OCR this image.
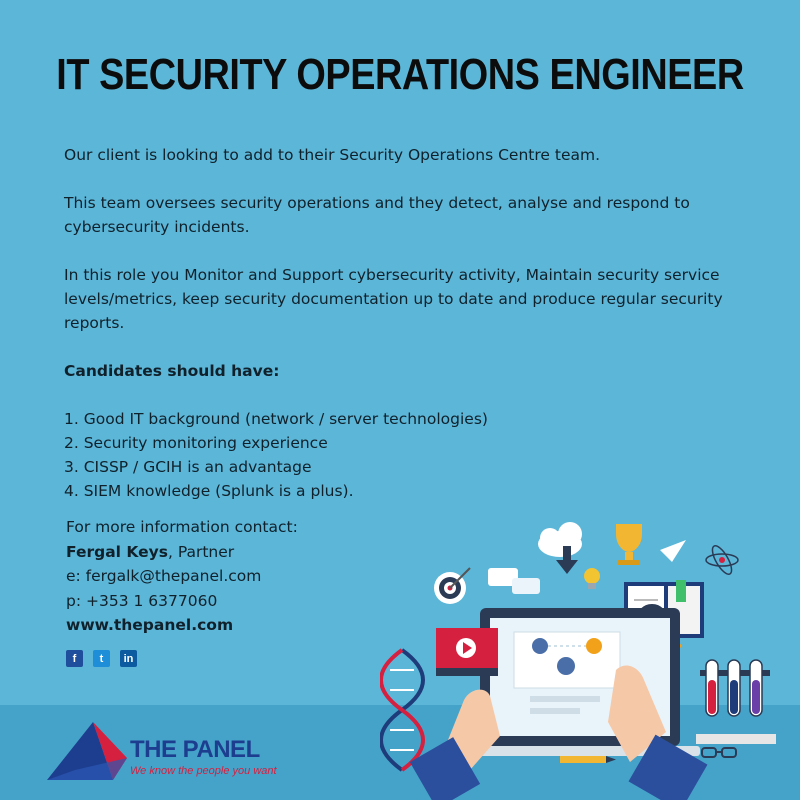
IT SECURITY OPERATIONS ENGINEER

Our client is looking to add to their Security Operations Centre team.

This team oversees security operations and they detect, analyse and respond to cybersecurity incidents.

In this role you Monitor and Support cybersecurity activity, Maintain security service levels/metrics, keep security documentation up to date and produce regular security reports.

Candidates should have:

1. Good IT background (network / server technologies)
2. Security monitoring experience
3. CISSP / GCIH is an advantage
4. SIEM knowledge (Splunk is a plus).
For more information contact:
Fergal Keys, Partner
e: fergalk@thepanel.com
p: +353 1 6377060
www.thepanel.com
f	t	in
THE PANEL
We know the people you want
